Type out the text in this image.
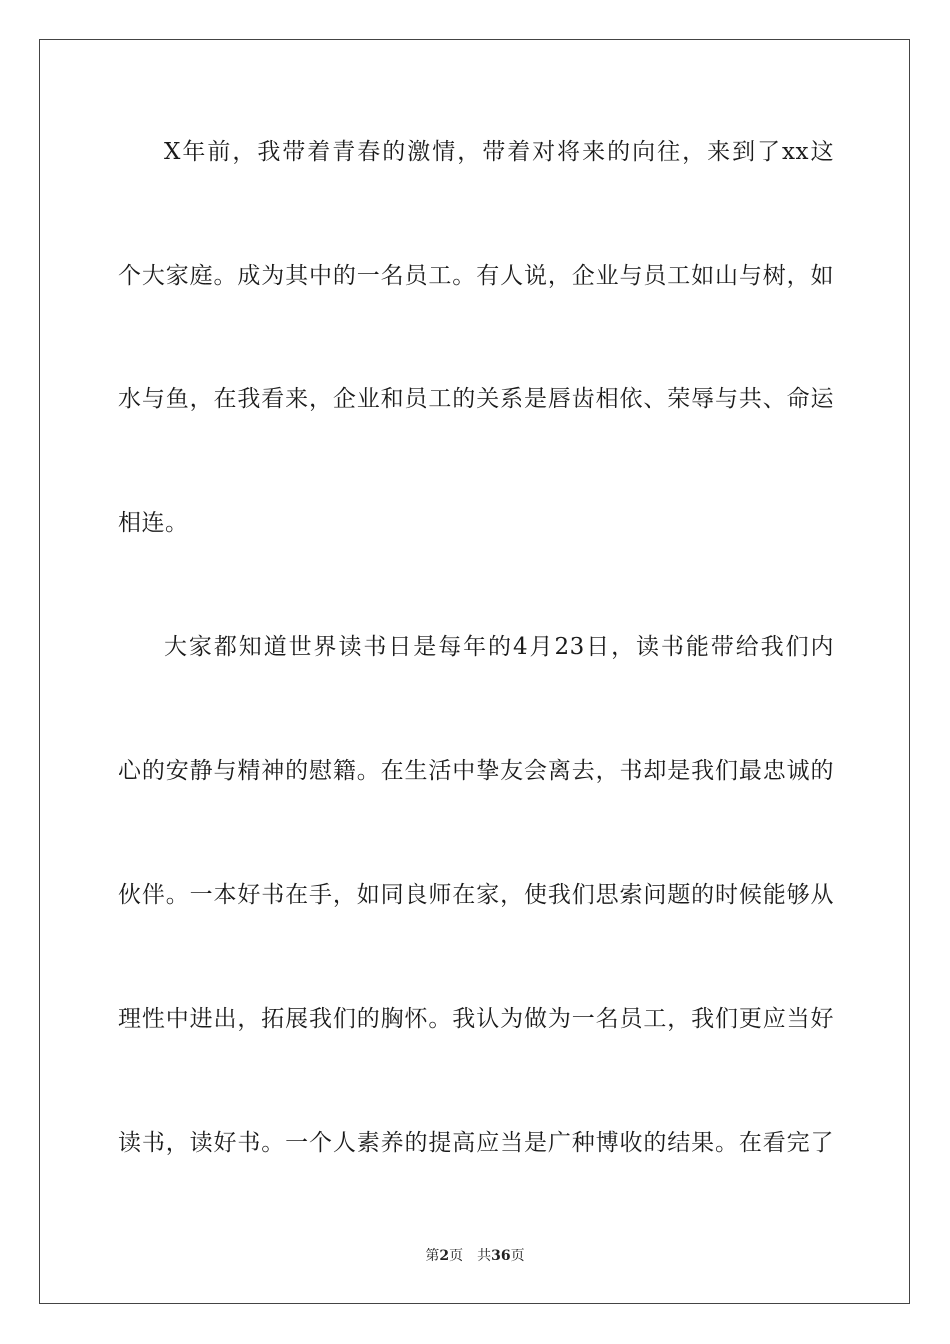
X年前，我带着青春的激情，带着对将来的向往，来到了xx这
个大家庭。成为其中的一名员工。有人说，企业与员工如山与树，如
水与鱼，在我看来，企业和员工的关系是唇齿相依、荣辱与共、命运
相连。
大家都知道世界读书日是每年的4月23日，读书能带给我们内
心的安静与精神的慰籍。在生活中挚友会离去，书却是我们最忠诚的
伙伴。一本好书在手，如同良师在家，使我们思索问题的时候能够从
理性中进出，拓展我们的胸怀。我认为做为一名员工，我们更应当好
读书，读好书。一个人素养的提高应当是广种博收的结果。在看完了
第2页 共36页
